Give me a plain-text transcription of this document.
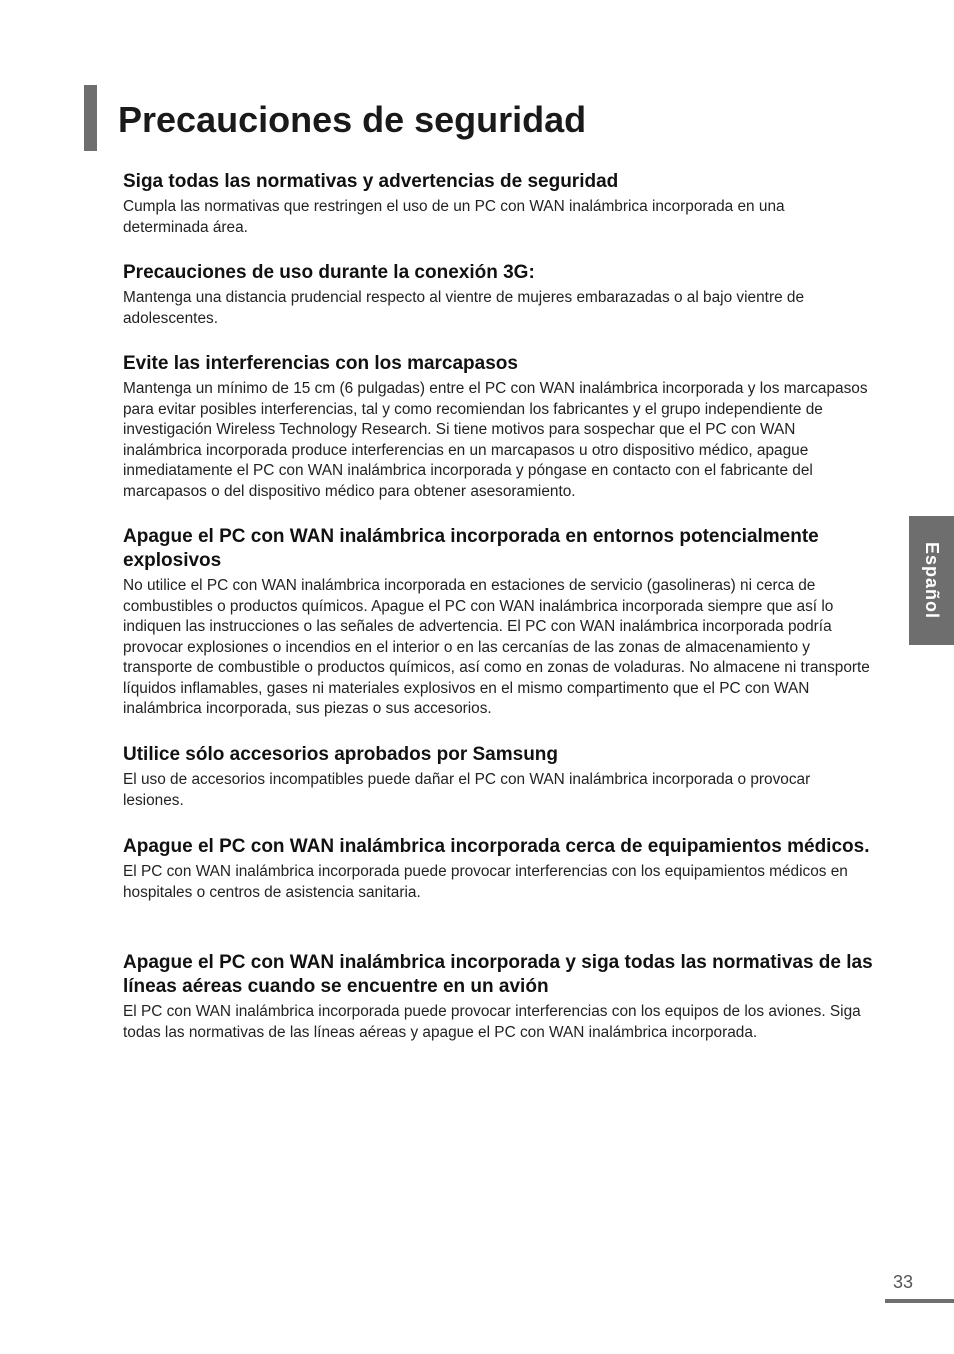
Precauciones de seguridad
Siga todas las normativas y advertencias de seguridad

Cumpla las normativas que restringen el uso de un PC con WAN inalámbrica incorporada en una determinada área.

Precauciones de uso durante la conexión 3G:

Mantenga una distancia prudencial respecto al vientre de mujeres embarazadas o al bajo vientre de adolescentes.

Evite las interferencias con los marcapasos

Mantenga un mínimo de 15 cm (6 pulgadas) entre el PC con WAN inalámbrica incorporada y los marcapasos para evitar posibles interferencias, tal y como recomiendan los fabricantes y el grupo independiente de investigación Wireless Technology Research. Si tiene motivos para sospechar que el PC con WAN inalámbrica incorporada produce interferencias en un marcapasos u otro dispositivo médico, apague inmediatamente el PC con WAN inalámbrica incorporada y póngase en contacto con el fabricante del marcapasos o del dispositivo médico para obtener asesoramiento.

Apague el PC con WAN inalámbrica incorporada en entornos potencialmente explosivos

No utilice el PC con WAN inalámbrica incorporada en estaciones de servicio (gasolineras) ni cerca de combustibles o productos químicos. Apague el PC con WAN inalámbrica incorporada siempre que así lo indiquen las instrucciones o las señales de advertencia. El PC con WAN inalámbrica incorporada podría provocar explosiones o incendios en el interior o en las cercanías de las zonas de almacenamiento y transporte de combustible o productos químicos, así como en zonas de voladuras. No almacene ni transporte líquidos inflamables, gases ni materiales explosivos en el mismo compartimento que el PC con WAN inalámbrica incorporada, sus piezas o sus accesorios.

Utilice sólo accesorios aprobados por Samsung

El uso de accesorios incompatibles puede dañar el PC con WAN inalámbrica incorporada o provocar lesiones.

Apague el PC con WAN inalámbrica incorporada cerca de equipamientos médicos.

El PC con WAN inalámbrica incorporada puede provocar interferencias con los equipamientos médicos en hospitales o centros de asistencia sanitaria.

Apague el PC con WAN inalámbrica incorporada y siga todas las normativas de las líneas aéreas cuando se encuentre en un avión

El PC con WAN inalámbrica incorporada puede provocar interferencias con los equipos de los aviones. Siga todas las normativas de las líneas aéreas y apague el PC con WAN inalámbrica incorporada.

Español
33
